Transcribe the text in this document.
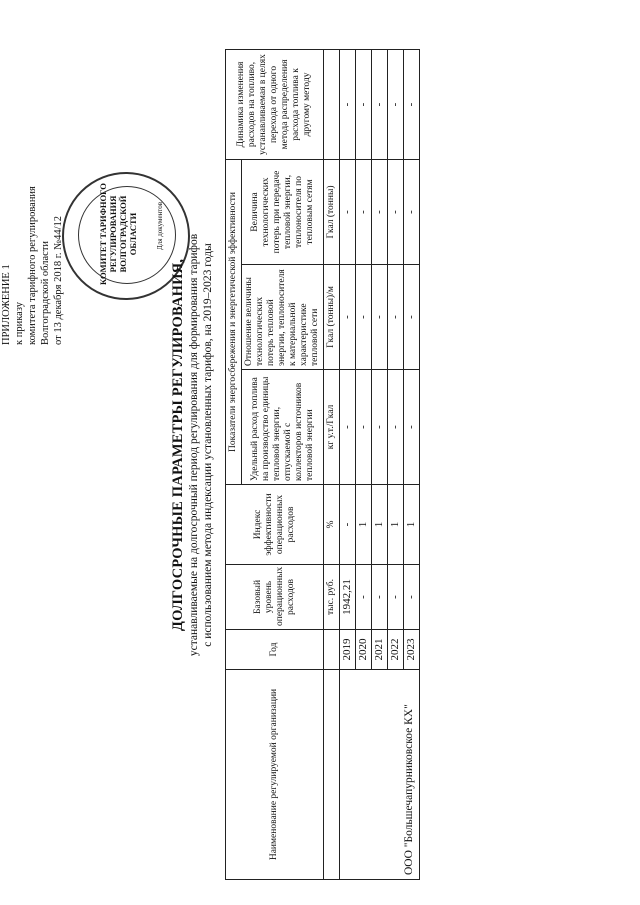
ПРИЛОЖЕНИЕ 1 к приказу комитета тарифного регулирования Волгоградской области от 13 декабря 2018 г. №44/12	КОМИТЕТ ТАРИФНОГО РЕГУЛИРОВАНИЯ ВОЛГОГРАДСКОЙ ОБЛАСТИ	Для документов
ДОЛГОСРОЧНЫЕ ПАРАМЕТРЫ РЕГУЛИРОВАНИЯ, устанавливаемые на долгосрочный период регулирования для формирования тарифов с использованием метода индексации установленных тарифов, на 2019–2023 годы
Наименование регулируемой организации	Год	Базовый уровень операционных расходов	Индекс эффективности операционных расходов	Показатели энергосбережения и энергетической эффективности			Динамика изменения расходов на топливо, устанавливаемая в целях перехода от одного метода распределения расхода топлива к другому методу
				Удельный расход топлива на производство единицы тепловой энергии, отпускаемой с коллекторов источников тепловой энергии	Отношение величины технологических потерь тепловой энергии, теплоносителя к материальной характеристике тепловой сети	Величина технологических потерь при передаче тепловой энергии, теплоносителя по тепловым сетям	
		тыс. руб.	%	кг у.т./Гкал	Гкал (тонны)/м	Гкал (тонны)	
ООО "Большечапурниковское КХ"	2019	1942,21	-	-	-	-	-
	2020	-	1	-	-	-	-
	2021	-	1	-	-	-	-
	2022	-	1	-	-	-	-
	2023	-	1	-	-	-	-
